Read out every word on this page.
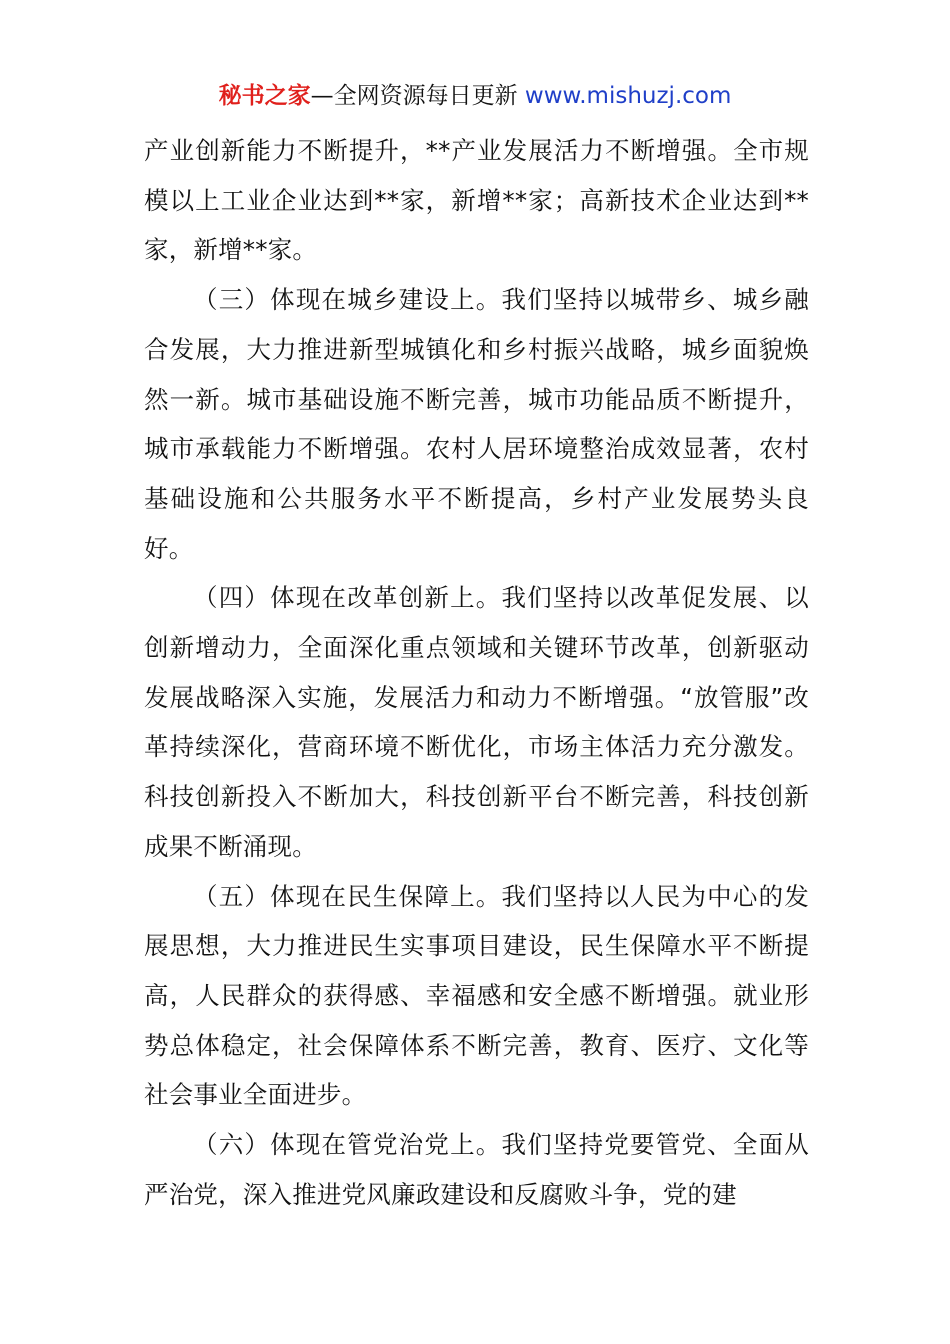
秘书之家—全网资源每日更新 www.mishuzj.com

产业创新能力不断提升，**产业发展活力不断增强。全市规模以上工业企业达到**家，新增**家；高新技术企业达到**家，新增**家。

（三）体现在城乡建设上。我们坚持以城带乡、城乡融合发展，大力推进新型城镇化和乡村振兴战略，城乡面貌焕然一新。城市基础设施不断完善，城市功能品质不断提升，城市承载能力不断增强。农村人居环境整治成效显著，农村基础设施和公共服务水平不断提高，乡村产业发展势头良好。

（四）体现在改革创新上。我们坚持以改革促发展、以创新增动力，全面深化重点领域和关键环节改革，创新驱动发展战略深入实施，发展活力和动力不断增强。“放管服”改革持续深化，营商环境不断优化，市场主体活力充分激发。科技创新投入不断加大，科技创新平台不断完善，科技创新成果不断涌现。

（五）体现在民生保障上。我们坚持以人民为中心的发展思想，大力推进民生实事项目建设，民生保障水平不断提高，人民群众的获得感、幸福感和安全感不断增强。就业形势总体稳定，社会保障体系不断完善，教育、医疗、文化等社会事业全面进步。

（六）体现在管党治党上。我们坚持党要管党、全面从严治党，深入推进党风廉政建设和反腐败斗争，党的建
